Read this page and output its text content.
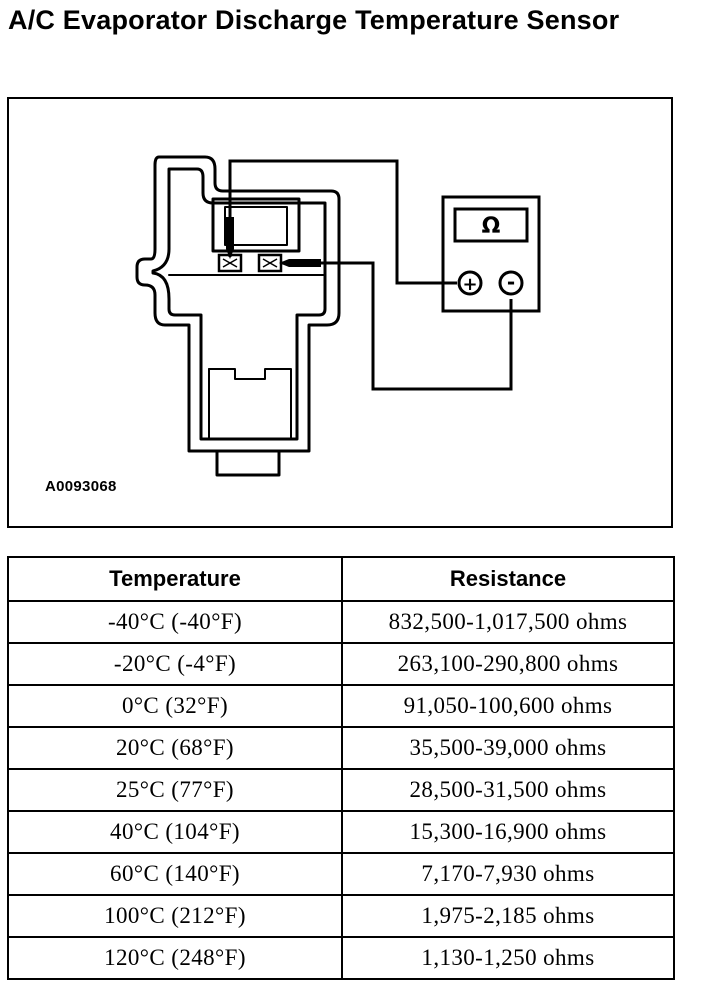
A/C Evaporator Discharge Temperature Sensor
Ω
+ -
A0093068
Temperature	Resistance
-40°C (-40°F)	832,500-1,017,500 ohms
-20°C (-4°F)	263,100-290,800 ohms
0°C (32°F)	91,050-100,600 ohms
20°C (68°F)	35,500-39,000 ohms
25°C (77°F)	28,500-31,500 ohms
40°C (104°F)	15,300-16,900 ohms
60°C (140°F)	7,170-7,930 ohms
100°C (212°F)	1,975-2,185 ohms
120°C (248°F)	1,130-1,250 ohms
